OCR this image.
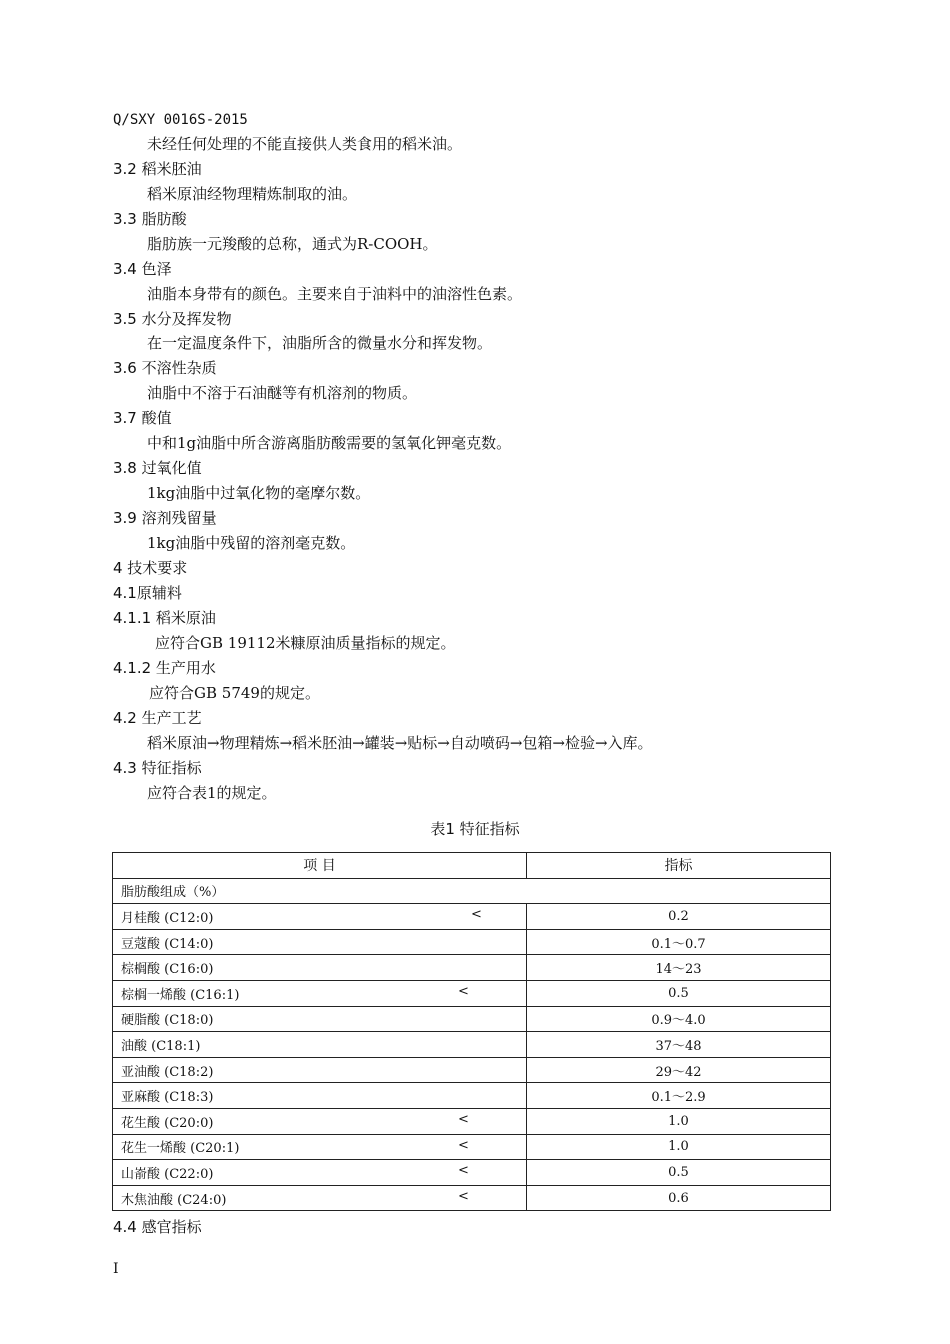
Q/SXY 0016S-2015
未经任何处理的不能直接供人类食用的稻米油。
3.2 稻米胚油
稻米原油经物理精炼制取的油。
3.3 脂肪酸
脂肪族一元羧酸的总称，通式为R-COOH。
3.4 色泽
油脂本身带有的颜色。主要来自于油料中的油溶性色素。
3.5 水分及挥发物
在一定温度条件下，油脂所含的微量水分和挥发物。
3.6 不溶性杂质
油脂中不溶于石油醚等有机溶剂的物质。
3.7 酸值
中和1g油脂中所含游离脂肪酸需要的氢氧化钾毫克数。
3.8 过氧化值
1kg油脂中过氧化物的毫摩尔数。
3.9 溶剂残留量
1kg油脂中残留的溶剂毫克数。
4 技术要求
4.1原辅料
4.1.1 稻米原油
应符合GB 19112米糠原油质量指标的规定。
4.1.2 生产用水
应符合GB 5749的规定。
4.2 生产工艺
稻米原油→物理精炼→稻米胚油→罐装→贴标→自动喷码→包箱→检验→入库。
4.3 特征指标
应符合表1的规定。
表1 特征指标
项 目	指标
脂肪酸组成（%）	
月桂酸 (C12:0) <	0.2
豆蔻酸 (C14:0)	0.1～0.7
棕榈酸 (C16:0)	14～23
棕榈一烯酸 (C16:1) <	0.5
硬脂酸 (C18:0)	0.9～4.0
油酸 (C18:1)	37～48
亚油酸 (C18:2)	29～42
亚麻酸 (C18:3)	0.1～2.9
花生酸 (C20:0) <	1.0
花生一烯酸 (C20:1) <	1.0
山嵛酸 (C22:0) <	0.5
木焦油酸 (C24:0) <	0.6
4.4 感官指标
I
